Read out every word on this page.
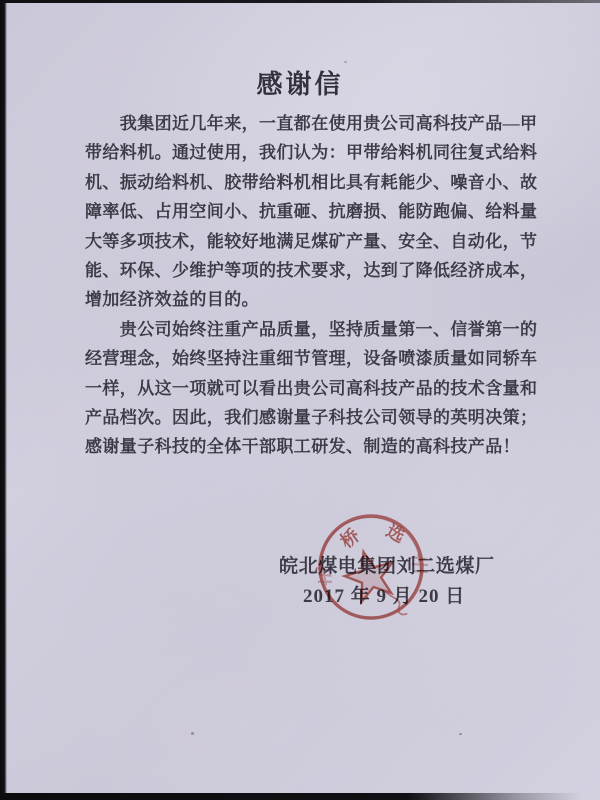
感谢信
　　我集团近几年来，一直都在使用贵公司高科技产品—甲
带给料机。通过使用，我们认为：甲带给料机同往复式给料
机、振动给料机、胶带给料机相比具有耗能少、噪音小、故
障率低、占用空间小、抗重砸、抗磨损、能防跑偏、给料量
大等多项技术，能较好地满足煤矿产量、安全、自动化，节
能、环保、少维护等项的技术要求，达到了降低经济成本，
增加经济效益的目的。
　　贵公司始终注重产品质量，坚持质量第一、信誉第一的
经营理念，始终坚持注重细节管理，设备喷漆质量如同轿车
一样，从这一项就可以看出贵公司高科技产品的技术含量和
产品档次。因此，我们感谢量子科技公司领导的英明决策；
感谢量子科技的全体干部职工研发、制造的高科技产品！
皖北煤电集团刘二选煤厂
2017 年 9 月 20 日
桥 选
